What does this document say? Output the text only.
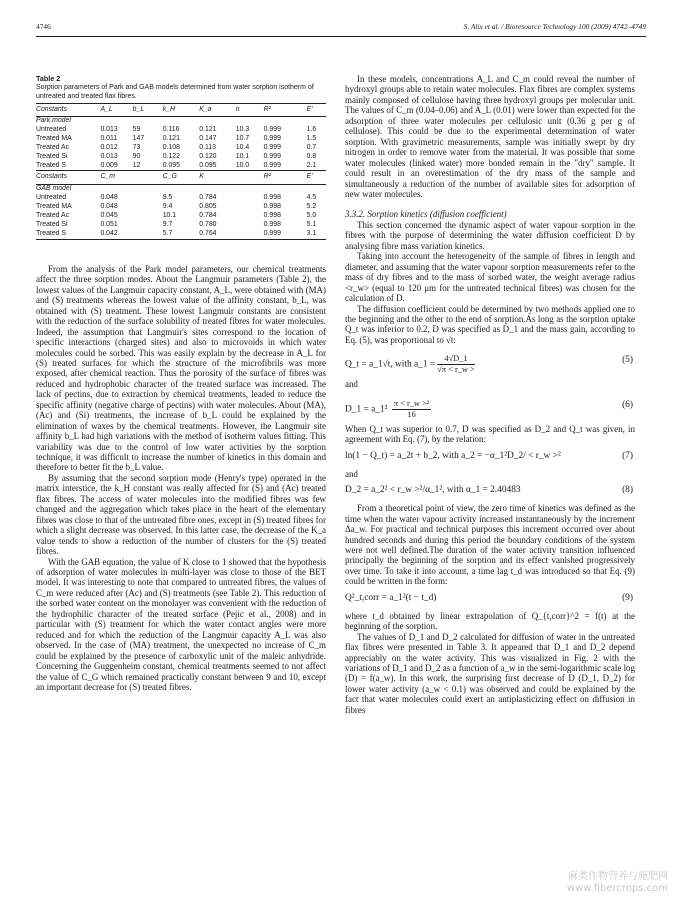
4746	S. Alix et al. / Bioresource Technology 100 (2009) 4742–4749
Table 2
Sorption parameters of Park and GAB models determined from water sorption isotherm of untreated and treated flax fibres.
Constants	A_L	b_L	k_H	K_a	n	R²	E'
Park model							
Untreated	0.013	59	0.116	0.121	10.3	0.999	1.6
Treated MA	0.011	147	0.121	0.147	10.7	0.999	1.5
Treated Ac	0.012	73	0.108	0.113	10.4	0.999	0.7
Treated Si	0.013	90	0.122	0.120	10.1	0.999	0.8
Treated S	0.009	12	0.095	0.095	10.0	0.999	2.1
Constants	C_m		C_G	K		R²	E'
GAB model							
Untreated	0.048		9.5	0.784		0.998	4.5
Treated MA	0.048		9.4	0.805		0.998	5.2
Treated Ac	0.045		10.1	0.784		0.998	5.0
Treated Si	0.051		9.7	0.780		0.998	5.1
Treated S	0.042		5.7	0.764		0.999	3.1

From the analysis of the Park model parameters, our chemical treatments affect the three sorption modes. About the Langmuir parameters (Table 2), the lowest values of the Langmuir capacity constant, A_L, were obtained with (MA) and (S) treatments whereas the lowest value of the affinity constant, b_L, was obtained with (S) treatment. These lowest Langmuir constants are consistent with the reduction of the surface solubility of treated fibres for water molecules. Indeed, the assumption that Langmuir's sites correspond to the location of specific interactions (charged sites) and also to microvoids in which water molecules could be sorbed. This was easily explain by the decrease in A_L for (S) treated surfaces for which the structure of the microfibrils was more exposed, after chemical reaction. Thus the porosity of the surface of fibres was reduced and hydrophobic character of the treated surface was increased. The lack of pectins, due to extraction by chemical treatments, leaded to reduce the specific affinity (negative charge of pectins) with water molecules. About (MA), (Ac) and (Si) treatments, the increase of b_L could be explained by the elimination of waxes by the chemical treatments. However, the Langmuir site affinity b_L had high variations with the method of isotherm values fitting. This variability was due to the control of low water activities by the sorption technique, it was difficult to increase the number of kinetics in this domain and therefore to better fit the b_L value.

By assuming that the second sorption mode (Henry's type) operated in the matrix interstice, the k_H constant was really affected for (S) and (Ac) treated flax fibres. The access of water molecules into the modified fibres was few changed and the aggregation which takes place in the heart of the elementary fibres was close to that of the untreated fibre ones, except in (S) treated fibres for which a slight decrease was observed. In this latter case, the decrease of the K_a value tends to show a reduction of the number of clusters for the (S) treated fibres.

With the GAB equation, the value of K close to 1 showed that the hypothesis of adsorption of water molecules in multi-layer was close to those of the BET model. It was interesting to note that compared to untreated fibres, the values of C_m were reduced after (Ac) and (S) treatments (see Table 2). This reduction of the sorbed water content on the monolayer was convenient with the reduction of the hydrophilic character of the treated surface (Pejic et al., 2008) and in particular with (S) treatment for which the water contact angles were more reduced and for which the reduction of the Langmuir capacity A_L was also observed. In the case of (MA) treatment, the unexpected no increase of C_m could be explained by the presence of carboxylic unit of the maleic anhydride. Concerning the Guggenheim constant, chemical treatments seemed to not affect the value of C_G which remained practically constant between 9 and 10, except an important decrease for (S) treated fibres.

In these models, concentrations A_L and C_m could reveal the number of hydroxyl groups able to retain water molecules. Flax fibres are complex systems mainly composed of cellulose having three hydroxyl groups per molecular unit. The values of C_m (0.04–0.06) and A_L (0.01) were lower than expected for the adsorption of three water molecules per cellulosic unit (0.36 g per g of cellulose). This could be due to the experimental determination of water sorption. With gravimetric measurements, sample was initially swept by dry nitrogen in order to remove water from the material. It was possible that some water molecules (linked water) more bonded remain in the "dry" sample. It could result in an overestimation of the dry mass of the sample and simultaneously a reduction of the number of available sites for adsorption of new water molecules.

3.3.2. Sorption kinetics (diffusion coefficient)

This section concerned the dynamic aspect of water vapour sorption in the fibres with the purpose of determining the water diffusion coefficient D by analysing fibre mass variation kinetics.

Taking into account the heterogeneity of the sample of fibres in length and diameter, and assuming that the water vapour sorption measurements refer to the mass of dry fibres and to the mass of sorbed water, the weight average radius <r_w> (equal to 120 μm for the untreated technical fibres) was chosen for the calculation of D.

The diffusion coefficient could be determined by two methods applied one to the beginning and the other to the end of sorption.As long as the sorption uptake Q_t was inferior to 0.2, D was specified as D_1 and the mass gain, according to Eq. (5), was proportional to √t:

Q_t = a_1√t, with a_1 = $\frac{4√D\_1}{√\pi < r\_w >}$	(5)

and

D_1 = a_1² $\frac{\text{π < r\_w >²}}{16}$	(6)

When Q_t was superior to 0.7, D was specified as D_2 and Q_t was given, in agreement with Eq. (7), by the relation:

ln(1 − Q_t) = a_2t + b_2, with a_2 = −α_1²D_2/ < r_w >²	(7)

and

D_2 = a_2² < r_w >²/α_1², with α_1 = 2.40483	(8)

From a theoretical point of view, the zero time of kinetics was defined as the time when the water vapour activity increased instantaneously by the increment Δa_w. For practical and technical purposes this increment occurred over about hundred seconds and during this period the boundary conditions of the system were not well defined.The duration of the water activity transition influenced principally the beginning of the sorption and its effect vanished progressively over time. To take it into account, a time lag t_d was introduced so that Eq. (9) could be written in the form:

Q²_t,corr = a_1²(t − t_d)	(9)

where t_d obtained by linear extrapolation of Q_{t,corr}^2 = f(t) at the beginning of the sorption.

The values of D_1 and D_2 calculated for diffusion of water in the untreated flax fibres were presented in Table 3. It appeared that D_1 and D_2 depend appreciably on the water activity. This was visualized in Fig. 2 with the variations of D_1 and D_2 as a function of a_w in the semi-logarithmic scale log (D) = f(a_w). In this work, the surprising first decrease of D (D_1, D_2) for lower water activity (a_w < 0.1) was observed and could be explained by the fact that water molecules could exert an antiplasticizing effect on diffusion in fibres

麻类作物营养与施肥网
www.fibercrops.com
